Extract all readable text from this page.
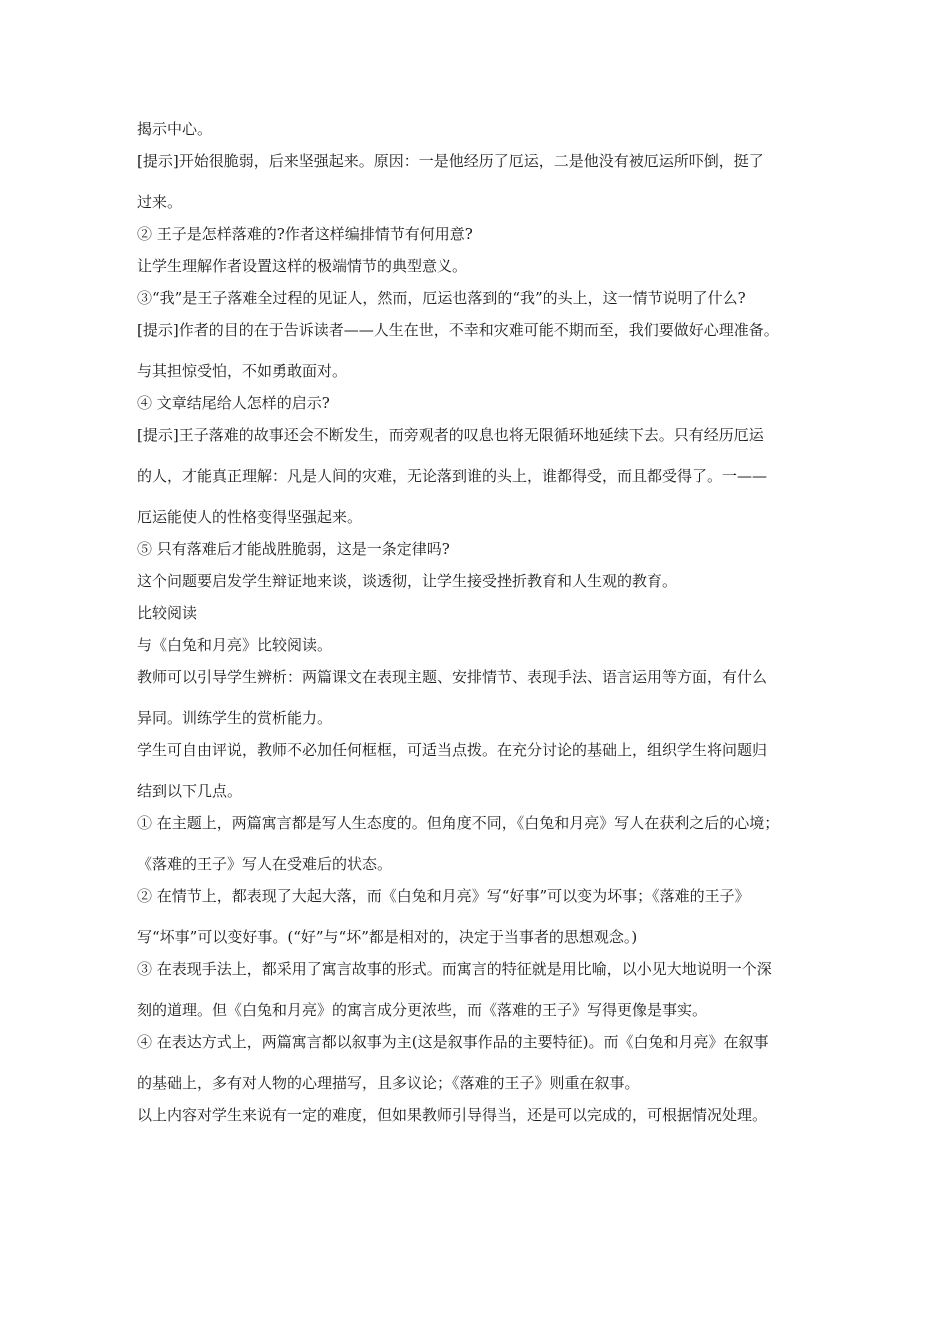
揭示中心。
[提示]开始很脆弱，后来坚强起来。原因：一是他经历了厄运，二是他没有被厄运所吓倒，挺了
过来。
② 王子是怎样落难的?作者这样编排情节有何用意?
让学生理解作者设置这样的极端情节的典型意义。
③“我”是王子落难全过程的见证人，然而，厄运也落到的“我”的头上，这一情节说明了什么?
[提示]作者的目的在于告诉读者——人生在世，不幸和灾难可能不期而至，我们要做好心理准备。
与其担惊受怕，不如勇敢面对。
④ 文章结尾给人怎样的启示?
[提示]王子落难的故事还会不断发生，而旁观者的叹息也将无限循环地延续下去。只有经历厄运
的人，才能真正理解：凡是人间的灾难，无论落到谁的头上，谁都得受，而且都受得了。一——
厄运能使人的性格变得坚强起来。
⑤ 只有落难后才能战胜脆弱，这是一条定律吗?
这个问题要启发学生辩证地来谈，谈透彻，让学生接受挫折教育和人生观的教育。
比较阅读
与《白兔和月亮》比较阅读。
教师可以引导学生辨析：两篇课文在表现主题、安排情节、表现手法、语言运用等方面，有什么
异同。训练学生的赏析能力。
学生可自由评说，教师不必加任何框框，可适当点拨。在充分讨论的基础上，组织学生将问题归
结到以下几点。
① 在主题上，两篇寓言都是写人生态度的。但角度不同，《白兔和月亮》写人在获利之后的心境；
《落难的王子》写人在受难后的状态。
② 在情节上，都表现了大起大落，而《白兔和月亮》写“好事”可以变为坏事；《落难的王子》
写“坏事”可以变好事。(“好”与“坏”都是相对的，决定于当事者的思想观念。)
③ 在表现手法上，都采用了寓言故事的形式。而寓言的特征就是用比喻，以小见大地说明一个深
刻的道理。但《白兔和月亮》的寓言成分更浓些，而《落难的王子》写得更像是事实。
④ 在表达方式上，两篇寓言都以叙事为主(这是叙事作品的主要特征)。而《白兔和月亮》在叙事
的基础上，多有对人物的心理描写，且多议论；《落难的王子》则重在叙事。
以上内容对学生来说有一定的难度，但如果教师引导得当，还是可以完成的，可根据情况处理。
